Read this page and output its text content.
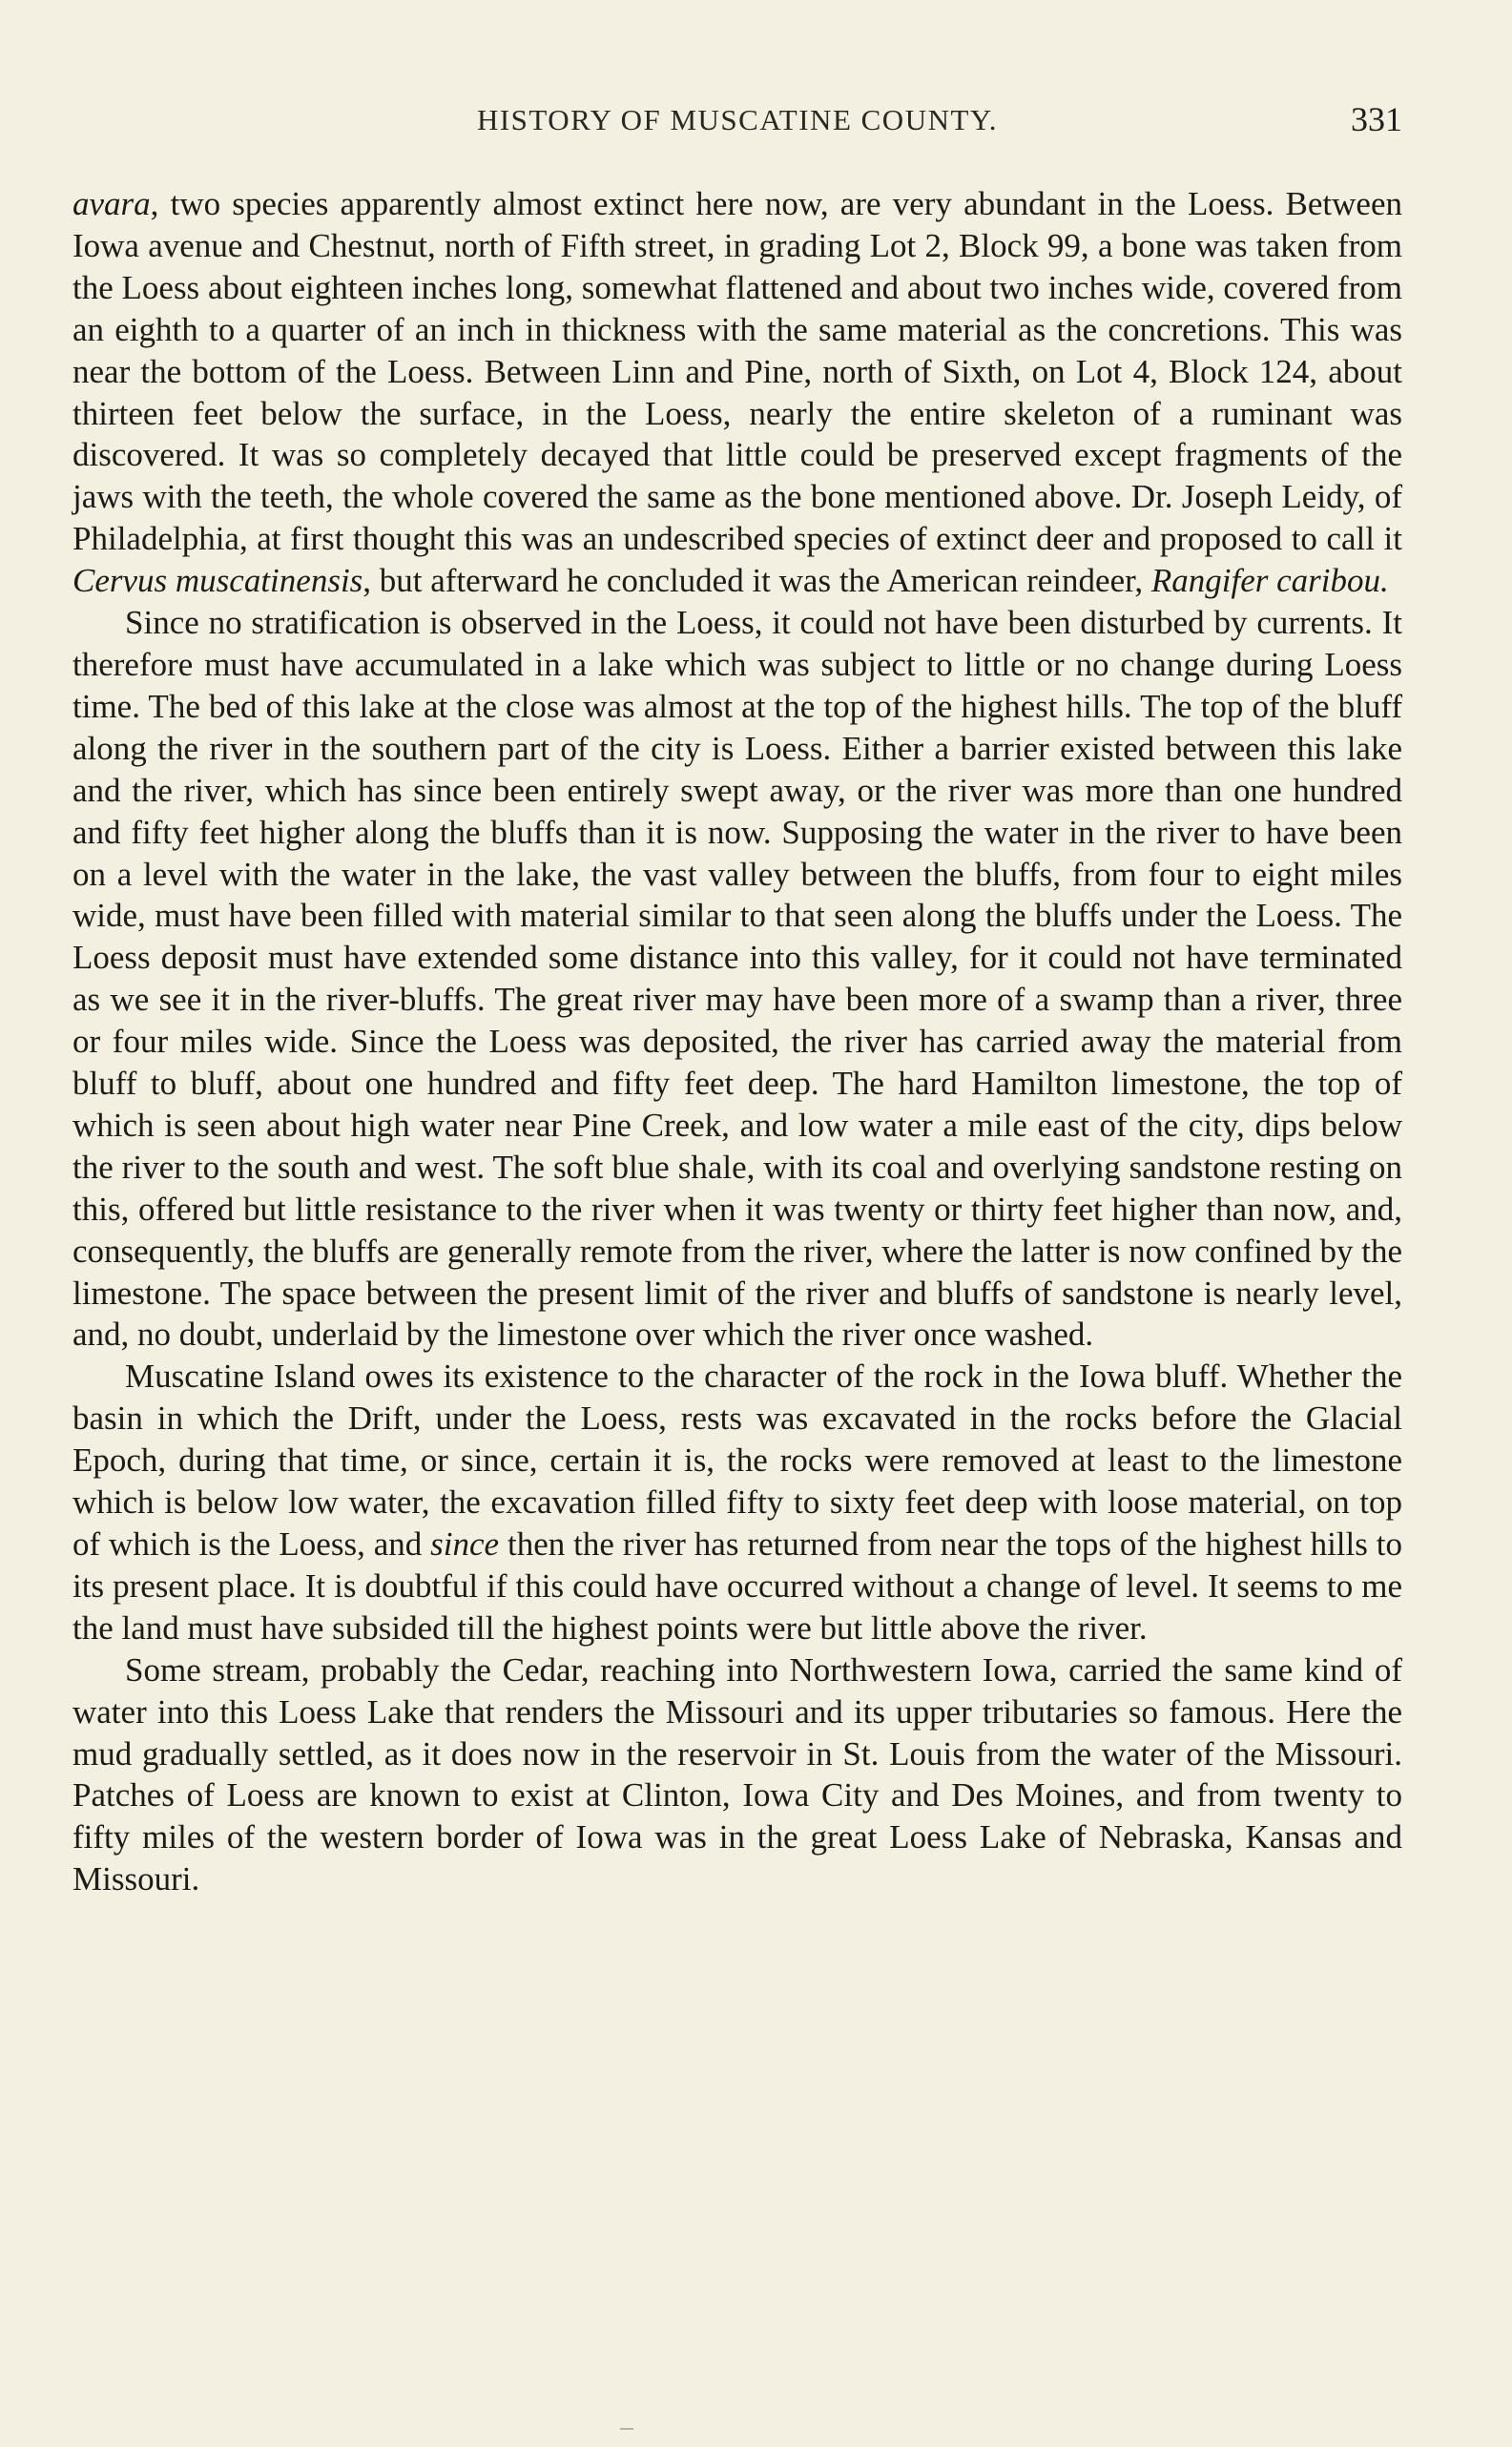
HISTORY OF MUSCATINE COUNTY.	331

avara, two species apparently almost extinct here now, are very abundant in the Loess. Between Iowa avenue and Chestnut, north of Fifth street, in grading Lot 2, Block 99, a bone was taken from the Loess about eighteen inches long, somewhat flattened and about two inches wide, covered from an eighth to a quarter of an inch in thickness with the same material as the concretions. This was near the bottom of the Loess. Between Linn and Pine, north of Sixth, on Lot 4, Block 124, about thirteen feet below the surface, in the Loess, nearly the entire skeleton of a ruminant was discovered. It was so completely decayed that little could be preserved except fragments of the jaws with the teeth, the whole covered the same as the bone mentioned above. Dr. Joseph Leidy, of Philadelphia, at first thought this was an undescribed species of extinct deer and proposed to call it Cervus muscatinensis, but afterward he concluded it was the American reindeer, Rangifer caribou.

Since no stratification is observed in the Loess, it could not have been disturbed by currents. It therefore must have accumulated in a lake which was subject to little or no change during Loess time. The bed of this lake at the close was almost at the top of the highest hills. The top of the bluff along the river in the southern part of the city is Loess. Either a barrier existed between this lake and the river, which has since been entirely swept away, or the river was more than one hundred and fifty feet higher along the bluffs than it is now. Supposing the water in the river to have been on a level with the water in the lake, the vast valley between the bluffs, from four to eight miles wide, must have been filled with material similar to that seen along the bluffs under the Loess. The Loess deposit must have extended some distance into this valley, for it could not have terminated as we see it in the river-bluffs. The great river may have been more of a swamp than a river, three or four miles wide. Since the Loess was deposited, the river has carried away the material from bluff to bluff, about one hundred and fifty feet deep. The hard Hamilton limestone, the top of which is seen about high water near Pine Creek, and low water a mile east of the city, dips below the river to the south and west. The soft blue shale, with its coal and overlying sandstone resting on this, offered but little resistance to the river when it was twenty or thirty feet higher than now, and, consequently, the bluffs are generally remote from the river, where the latter is now confined by the limestone. The space between the present limit of the river and bluffs of sandstone is nearly level, and, no doubt, underlaid by the limestone over which the river once washed.

Muscatine Island owes its existence to the character of the rock in the Iowa bluff. Whether the basin in which the Drift, under the Loess, rests was excavated in the rocks before the Glacial Epoch, during that time, or since, certain it is, the rocks were removed at least to the limestone which is below low water, the excavation filled fifty to sixty feet deep with loose material, on top of which is the Loess, and since then the river has returned from near the tops of the highest hills to its present place. It is doubtful if this could have occurred without a change of level. It seems to me the land must have subsided till the highest points were but little above the river.

Some stream, probably the Cedar, reaching into Northwestern Iowa, carried the same kind of water into this Loess Lake that renders the Missouri and its upper tributaries so famous. Here the mud gradually settled, as it does now in the reservoir in St. Louis from the water of the Missouri. Patches of Loess are known to exist at Clinton, Iowa City and Des Moines, and from twenty to fifty miles of the western border of Iowa was in the great Loess Lake of Nebraska, Kansas and Missouri.
